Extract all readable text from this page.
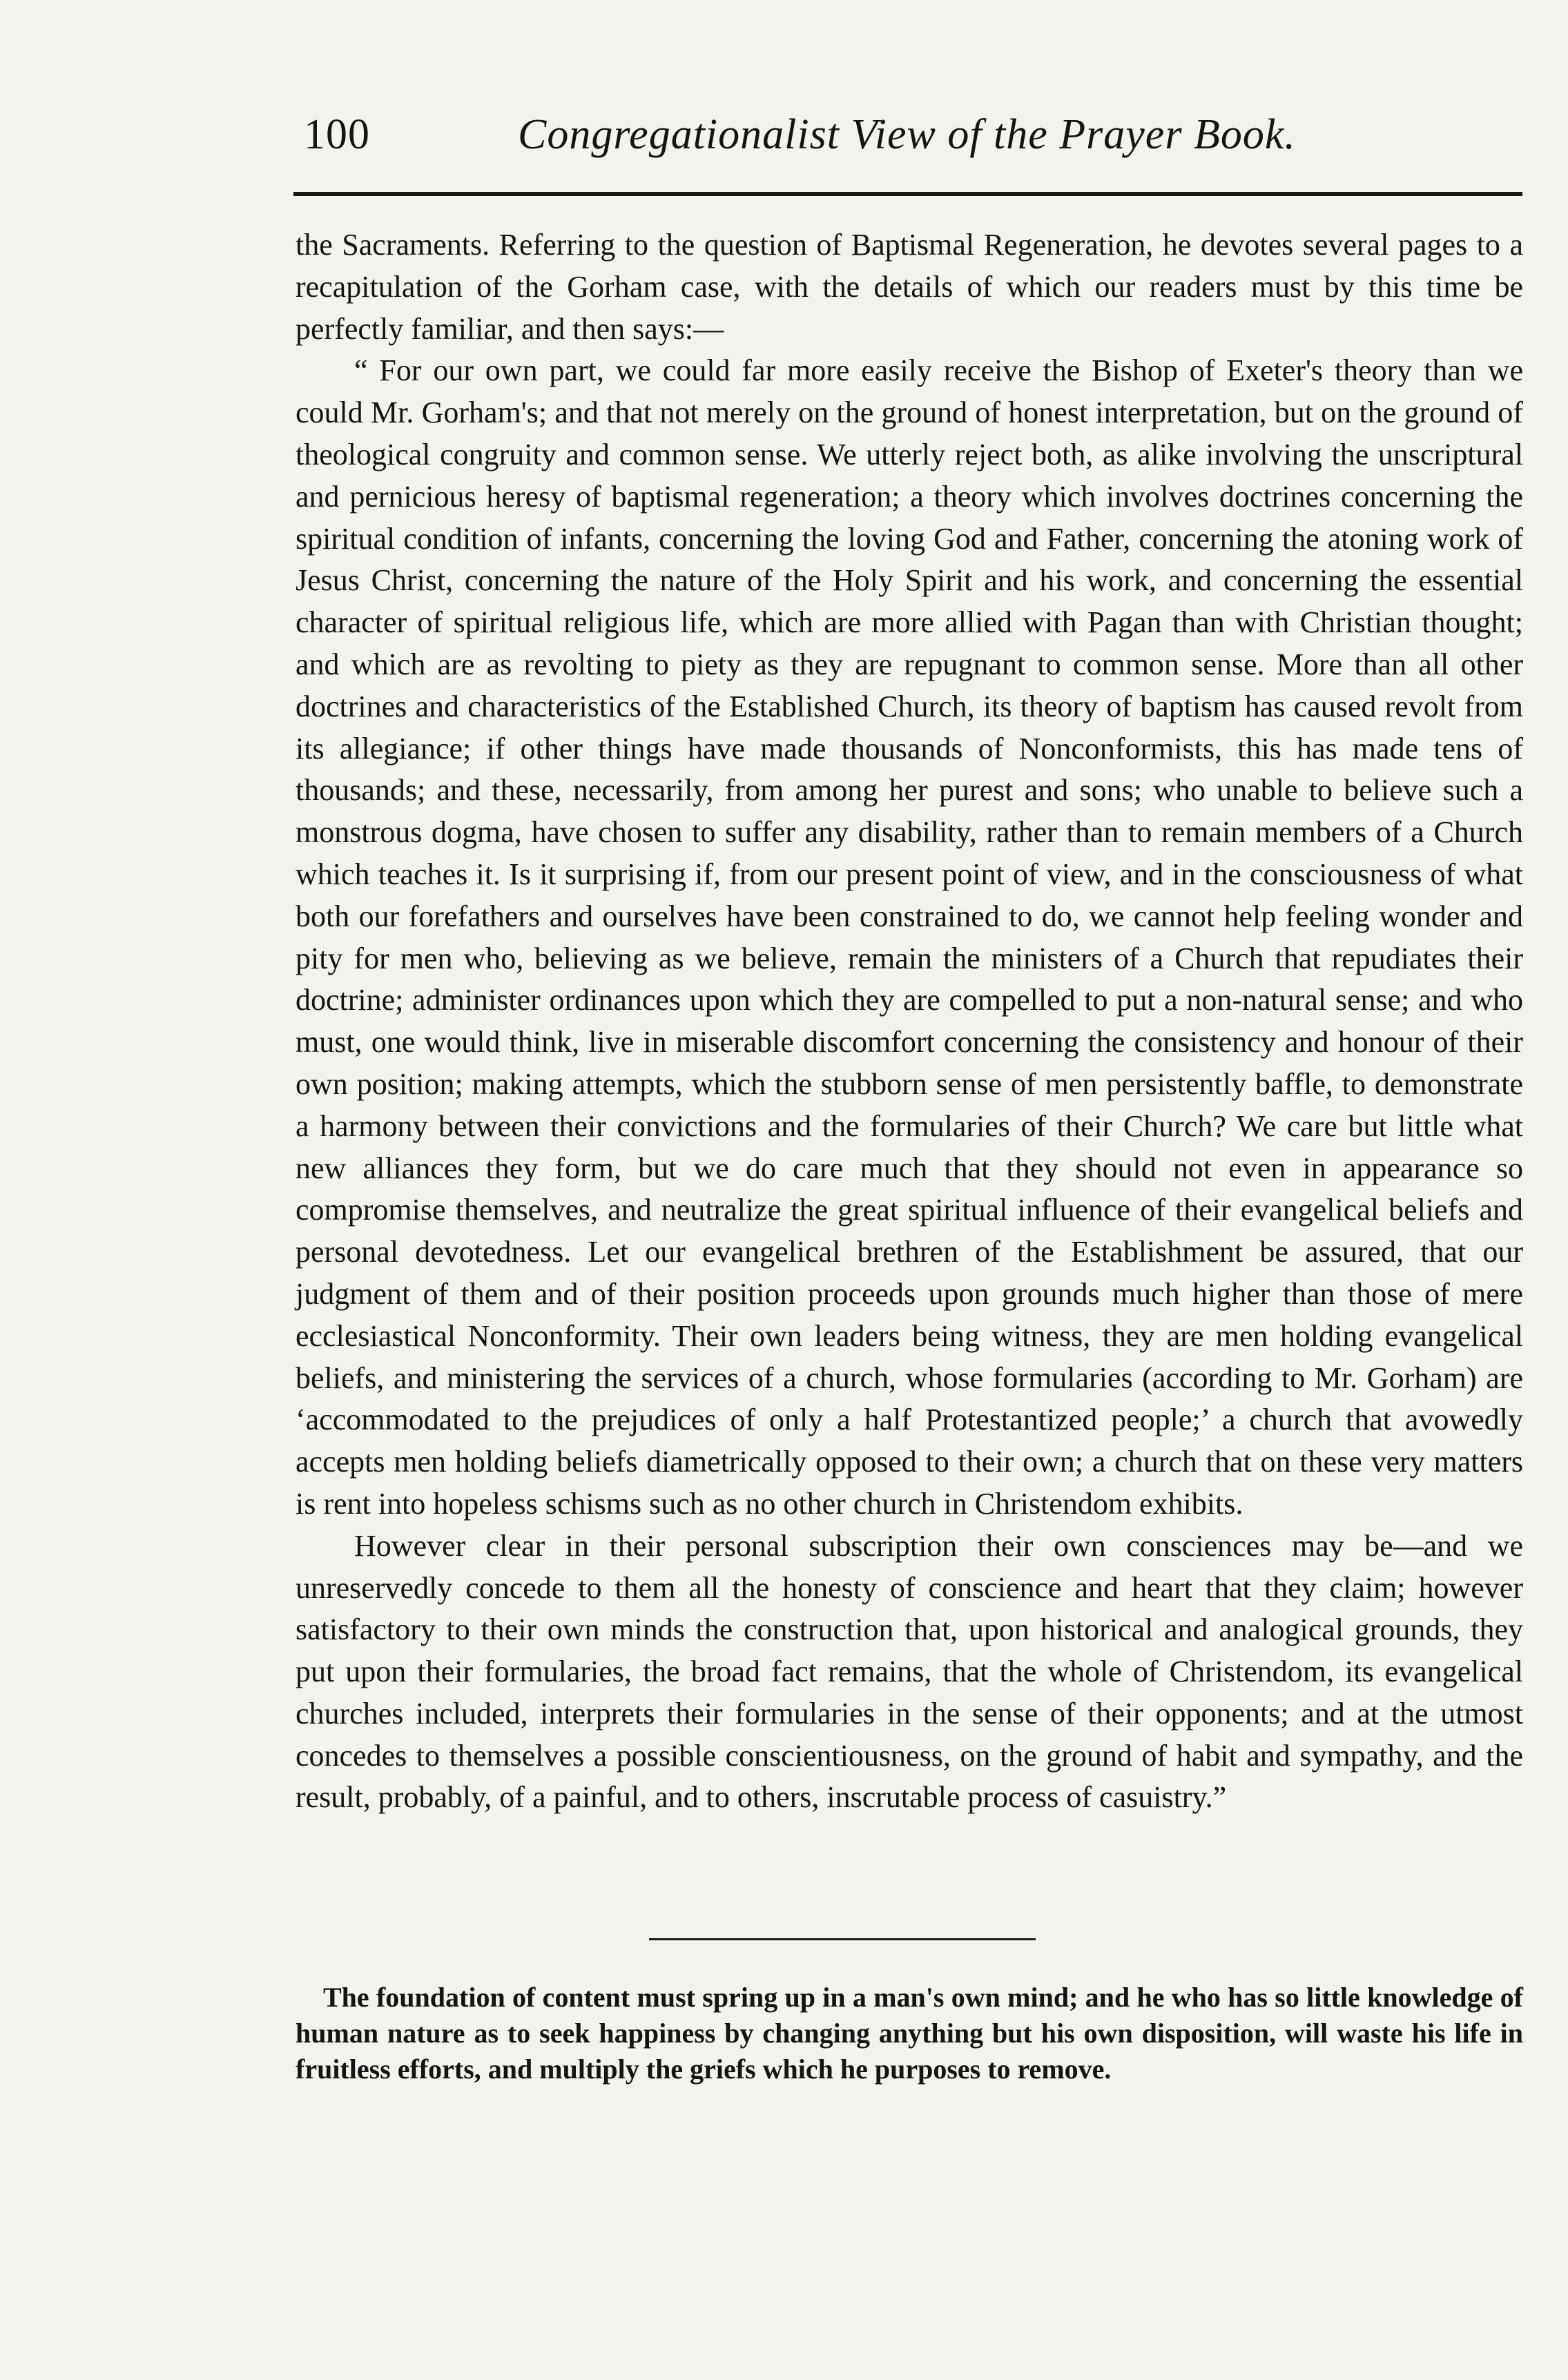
100	Congregationalist View of the Prayer Book.

the Sacraments. Referring to the question of Baptismal Regeneration, he devotes several pages to a recapitulation of the Gorham case, with the details of which our readers must by this time be perfectly familiar, and then says:—

“ For our own part, we could far more easily receive the Bishop of Exeter's theory than we could Mr. Gorham's; and that not merely on the ground of honest interpretation, but on the ground of theological congruity and common sense. We utterly reject both, as alike involving the unscriptural and pernicious heresy of baptismal regeneration; a theory which involves doctrines concerning the spiritual condition of infants, concerning the loving God and Father, concerning the atoning work of Jesus Christ, concerning the nature of the Holy Spirit and his work, and concerning the essential character of spiritual religious life, which are more allied with Pagan than with Christian thought; and which are as revolting to piety as they are repugnant to common sense. More than all other doctrines and characteristics of the Established Church, its theory of baptism has caused revolt from its allegiance; if other things have made thousands of Nonconformists, this has made tens of thousands; and these, necessarily, from among her purest and sons; who unable to believe such a monstrous dogma, have chosen to suffer any disability, rather than to remain members of a Church which teaches it. Is it surprising if, from our present point of view, and in the consciousness of what both our forefathers and ourselves have been constrained to do, we cannot help feeling wonder and pity for men who, believing as we believe, remain the ministers of a Church that repudiates their doctrine; administer ordinances upon which they are compelled to put a non-natural sense; and who must, one would think, live in miserable discomfort concerning the consistency and honour of their own position; making attempts, which the stubborn sense of men persistently baffle, to demonstrate a harmony between their convictions and the formularies of their Church? We care but little what new alliances they form, but we do care much that they should not even in appearance so compromise themselves, and neutralize the great spiritual influence of their evangelical beliefs and personal devotedness. Let our evangelical brethren of the Establishment be assured, that our judgment of them and of their position proceeds upon grounds much higher than those of mere ecclesiastical Nonconformity. Their own leaders being witness, they are men holding evangelical beliefs, and ministering the services of a church, whose formularies (according to Mr. Gorham) are ‘accommodated to the prejudices of only a half Protestantized people;’ a church that avowedly accepts men holding beliefs diametrically opposed to their own; a church that on these very matters is rent into hopeless schisms such as no other church in Christendom exhibits.

However clear in their personal subscription their own consciences may be—and we unreservedly concede to them all the honesty of conscience and heart that they claim; however satisfactory to their own minds the construction that, upon historical and analogical grounds, they put upon their formularies, the broad fact remains, that the whole of Christendom, its evangelical churches included, interprets their formularies in the sense of their opponents; and at the utmost concedes to themselves a possible conscientiousness, on the ground of habit and sympathy, and the result, probably, of a painful, and to others, inscrutable process of casuistry.”

The foundation of content must spring up in a man's own mind; and he who has so little knowledge of human nature as to seek happiness by changing anything but his own disposition, will waste his life in fruitless efforts, and multiply the griefs which he purposes to remove.
